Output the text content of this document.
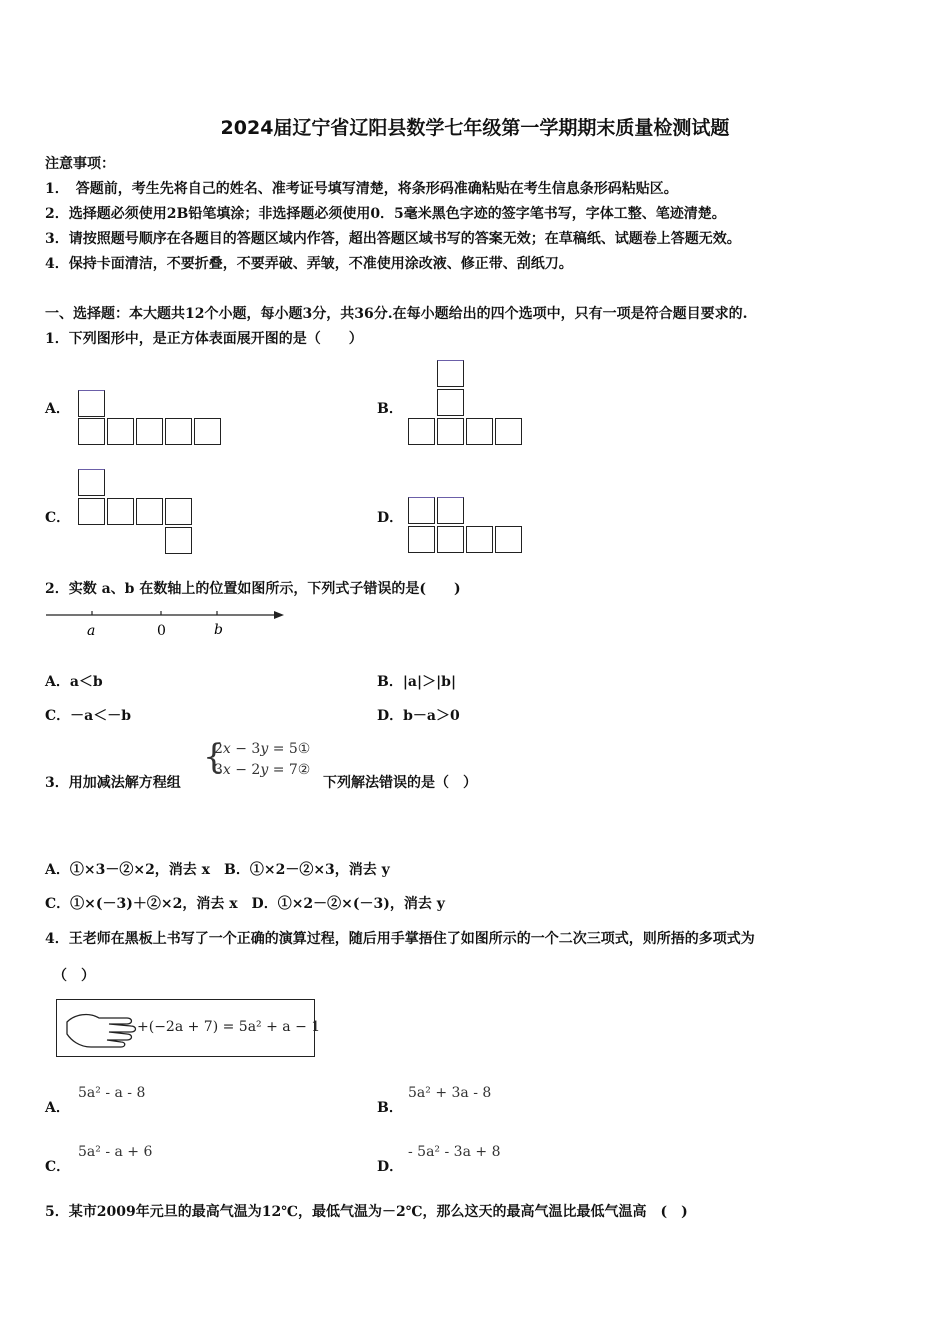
2024届辽宁省辽阳县数学七年级第一学期期末质量检测试题
注意事项：
1．　答题前，考生先将自己的姓名、准考证号填写清楚，将条形码准确粘贴在考生信息条形码粘贴区。
2．选择题必须使用2B铅笔填涂；非选择题必须使用0．5毫米黑色字迹的签字笔书写，字体工整、笔迹清楚。
3．请按照题号顺序在各题目的答题区域内作答，超出答题区域书写的答案无效；在草稿纸、试题卷上答题无效。
4．保持卡面清洁，不要折叠，不要弄破、弄皱，不准使用涂改液、修正带、刮纸刀。
一、选择题：本大题共12个小题，每小题3分，共36分.在每小题给出的四个选项中，只有一项是符合题目要求的.
1．下列图形中，是正方体表面展开图的是（　　）
A．	B．
C．	D．
2．实数 a、b 在数轴上的位置如图所示，下列式子错误的是(　　)
a	0	b
A．a＜b	B．|a|＞|b|
C．－a＜－b	D．b－a＞0
3．用加减法解方程组
{
2𝑥 − 3𝑦 = 5①
3𝑥 − 2𝑦 = 7②
下列解法错误的是（　）
A．①×3－②×2，消去 x　B．①×2－②×3，消去 y
C．①×(－3)＋②×2，消去 x　D．①×2－②×(－3)，消去 y
4．王老师在黑板上书写了一个正确的演算过程，随后用手掌捂住了如图所示的一个二次三项式，则所捂的多项式为
（　）
+(−2a + 7) = 5a² + a − 1
A．
5a² - a - 8
B．
5a² + 3a - 8
C．
5a² - a + 6
D．
- 5a² - 3a + 8
5．某市2009年元旦的最高气温为12℃，最低气温为－2℃，那么这天的最高气温比最低气温高　(　)
